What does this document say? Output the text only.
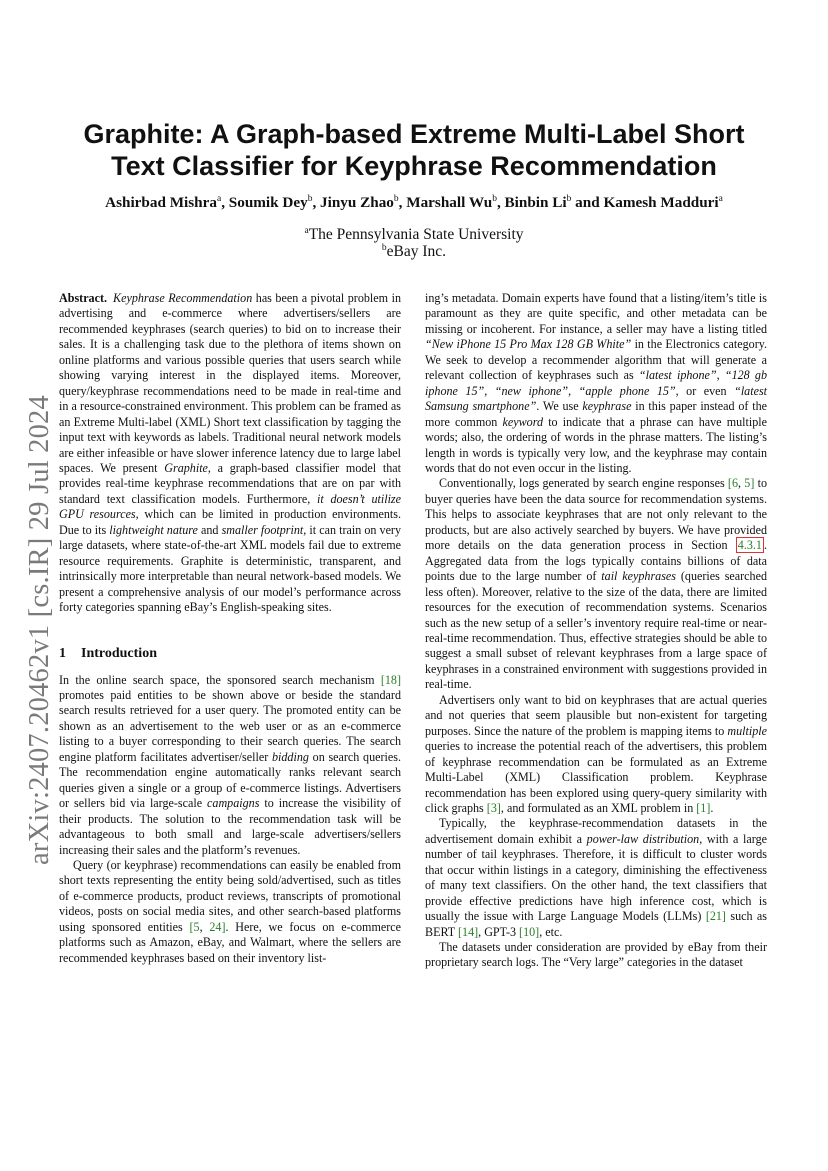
arXiv:2407.20462v1 [cs.IR] 29 Jul 2024
Graphite: A Graph-based Extreme Multi-Label Short
Text Classifier for Keyphrase Recommendation
Ashirbad Mishra$^a$, Soumik Dey$^b$, Jinyu Zhao$^b$, Marshall Wu$^b$, Binbin Li$^b$ and Kamesh Madduri$^a$
$^a$The Pennsylvania State University
$^b$eBay Inc.

Abstract. Keyphrase Recommendation has been a pivotal problem in advertising and e-commerce where advertisers/sellers are recommended keyphrases (search queries) to bid on to increase their sales. It is a challenging task due to the plethora of items shown on online platforms and various possible queries that users search while showing varying interest in the displayed items. Moreover, query/keyphrase recommendations need to be made in real-time and in a resource-constrained environment. This problem can be framed as an Extreme Multi-label (XML) Short text classification by tagging the input text with keywords as labels. Traditional neural network models are either infeasible or have slower inference latency due to large label spaces. We present Graphite, a graph-based classifier model that provides real-time keyphrase recommendations that are on par with standard text classification models. Furthermore, it doesn’t utilize GPU resources, which can be limited in production environments. Due to its lightweight nature and smaller footprint, it can train on very large datasets, where state-of-the-art XML models fail due to extreme resource requirements. Graphite is deterministic, transparent, and intrinsically more interpretable than neural network-based models. We present a comprehensive analysis of our model’s performance across forty categories spanning eBay’s English-speaking sites.

1 Introduction

In the online search space, the sponsored search mechanism [18] promotes paid entities to be shown above or beside the standard search results retrieved for a user query. The promoted entity can be shown as an advertisement to the web user or as an e-commerce listing to a buyer corresponding to their search queries. The search engine platform facilitates advertiser/seller bidding on search queries. The recommendation engine automatically ranks relevant search queries given a single or a group of e-commerce listings. Advertisers or sellers bid via large-scale campaigns to increase the visibility of their products. The solution to the recommendation task will be advantageous to both small and large-scale advertisers/sellers increasing their sales and the platform’s revenues.

Query (or keyphrase) recommendations can easily be enabled from short texts representing the entity being sold/advertised, such as titles of e-commerce products, product reviews, transcripts of promotional videos, posts on social media sites, and other search-based platforms using sponsored entities [5, 24]. Here, we focus on e-commerce platforms such as Amazon, eBay, and Walmart, where the sellers are recommended keyphrases based on their inventory list-

ing’s metadata. Domain experts have found that a listing/item’s title is paramount as they are quite specific, and other metadata can be missing or incoherent. For instance, a seller may have a listing titled “New iPhone 15 Pro Max 128 GB White” in the Electronics category. We seek to develop a recommender algorithm that will generate a relevant collection of keyphrases such as “latest iphone”, “128 gb iphone 15”, “new iphone”, “apple phone 15”, or even “latest Samsung smartphone”. We use keyphrase in this paper instead of the more common keyword to indicate that a phrase can have multiple words; also, the ordering of words in the phrase matters. The listing’s length in words is typically very low, and the keyphrase may contain words that do not even occur in the listing.

Conventionally, logs generated by search engine responses [6, 5] to buyer queries have been the data source for recommendation systems. This helps to associate keyphrases that are not only relevant to the products, but are also actively searched by buyers. We have provided more details on the data generation process in Section 4.3.1 . Aggregated data from the logs typically contains billions of data points due to the large number of tail keyphrases (queries searched less often). Moreover, relative to the size of the data, there are limited resources for the execution of recommendation systems. Scenarios such as the new setup of a seller’s inventory require real-time or near-real-time recommendation. Thus, effective strategies should be able to suggest a small subset of relevant keyphrases from a large space of keyphrases in a constrained environment with suggestions provided in real-time.

Advertisers only want to bid on keyphrases that are actual queries and not queries that seem plausible but non-existent for targeting purposes. Since the nature of the problem is mapping items to multiple queries to increase the potential reach of the advertisers, this problem of keyphrase recommendation can be formulated as an Extreme Multi-Label (XML) Classification problem. Keyphrase recommendation has been explored using query-query similarity with click graphs [3], and formulated as an XML problem in [1].

Typically, the keyphrase-recommendation datasets in the advertisement domain exhibit a power-law distribution, with a large number of tail keyphrases. Therefore, it is difficult to cluster words that occur within listings in a category, diminishing the effectiveness of many text classifiers. On the other hand, the text classifiers that provide effective predictions have high inference cost, which is usually the issue with Large Language Models (LLMs) [21] such as BERT [14], GPT-3 [10], etc.

The datasets under consideration are provided by eBay from their proprietary search logs. The “Very large” categories in the dataset
